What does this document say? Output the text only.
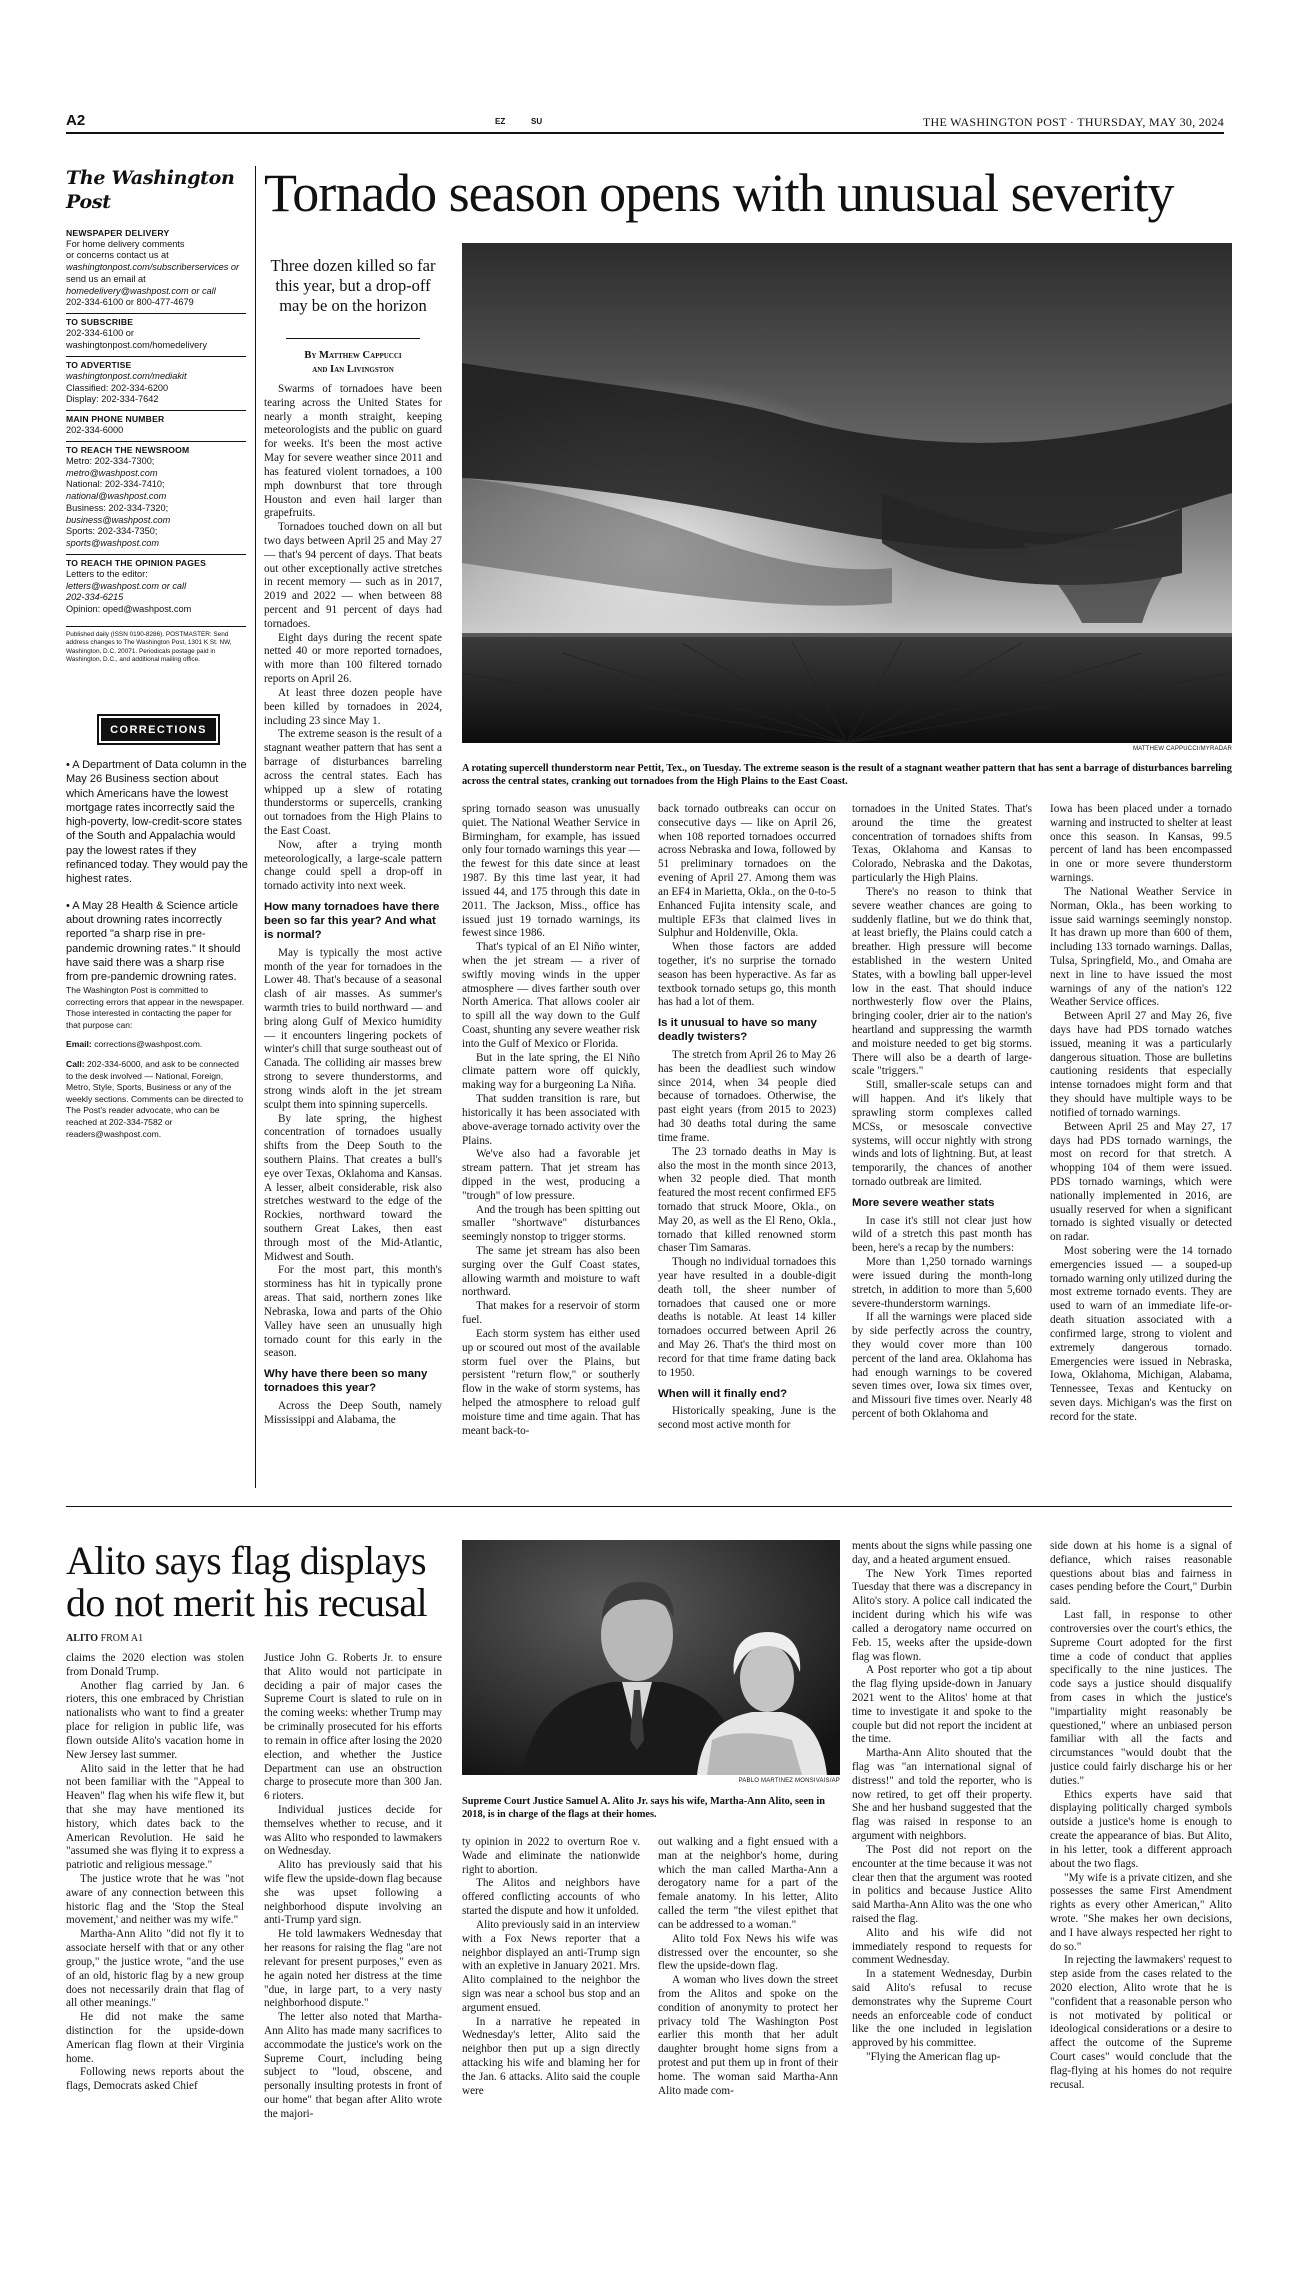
A2	EZ	SU	THE WASHINGTON POST · THURSDAY, MAY 30, 2024
The Washington Post
NEWSPAPER DELIVERY
For home delivery comments
or concerns contact us at
washingtonpost.com/subscriberservices or
send us an email at
homedelivery@washpost.com or call
202-334-6100 or 800-477-4679
TO SUBSCRIBE
202-334-6100 or
washingtonpost.com/homedelivery
TO ADVERTISE
washingtonpost.com/mediakit
Classified: 202-334-6200
Display: 202-334-7642
MAIN PHONE NUMBER
202-334-6000
TO REACH THE NEWSROOM
Metro: 202-334-7300;
metro@washpost.com
National: 202-334-7410;
national@washpost.com
Business: 202-334-7320;
business@washpost.com
Sports: 202-334-7350;
sports@washpost.com
TO REACH THE OPINION PAGES
Letters to the editor:
letters@washpost.com or call
202-334-6215
Opinion: oped@washpost.com
Published daily (ISSN 0190-8286). POSTMASTER: Send address changes to The Washington Post, 1301 K St. NW, Washington, D.C. 20071. Periodicals postage paid in Washington, D.C., and additional mailing office.
CORRECTIONS

• A Department of Data column in the May 26 Business section about which Americans have the lowest mortgage rates incorrectly said the high-poverty, low-credit-score states of the South and Appalachia would pay the lowest rates if they refinanced today. They would pay the highest rates.

• A May 28 Health & Science article about drowning rates incorrectly reported "a sharp rise in pre-pandemic drowning rates." It should have said there was a sharp rise from pre-pandemic drowning rates.

The Washington Post is committed to correcting errors that appear in the newspaper. Those interested in contacting the paper for that purpose can:

Email: corrections@washpost.com.

Call: 202-334-6000, and ask to be connected to the desk involved — National, Foreign, Metro, Style, Sports, Business or any of the weekly sections. Comments can be directed to The Post's reader advocate, who can be reached at 202-334-7582 or readers@washpost.com.

Tornado season opens with unusual severity
Three dozen killed so far this year, but a drop-off may be on the horizon
By Matthew Cappucci
and Ian Livingston
MATTHEW CAPPUCCI/MYRADAR
A rotating supercell thunderstorm near Pettit, Tex., on Tuesday. The extreme season is the result of a stagnant weather pattern that has sent a barrage of disturbances barreling across the central states, cranking out tornadoes from the High Plains to the East Coast.

Swarms of tornadoes have been tearing across the United States for nearly a month straight, keeping meteorologists and the public on guard for weeks. It's been the most active May for severe weather since 2011 and has featured violent tornadoes, a 100 mph downburst that tore through Houston and even hail larger than grapefruits.

Tornadoes touched down on all but two days between April 25 and May 27 — that's 94 percent of days. That beats out other exceptionally active stretches in recent memory — such as in 2017, 2019 and 2022 — when between 88 percent and 91 percent of days had tornadoes.

Eight days during the recent spate netted 40 or more reported tornadoes, with more than 100 filtered tornado reports on April 26.

At least three dozen people have been killed by tornadoes in 2024, including 23 since May 1.

The extreme season is the result of a stagnant weather pattern that has sent a barrage of disturbances barreling across the central states. Each has whipped up a slew of rotating thunderstorms or supercells, cranking out tornadoes from the High Plains to the East Coast.

Now, after a trying month meteorologically, a large-scale pattern change could spell a drop-off in tornado activity into next week.

How many tornadoes have there been so far this year? And what is normal?

May is typically the most active month of the year for tornadoes in the Lower 48. That's because of a seasonal clash of air masses. As summer's warmth tries to build northward — and bring along Gulf of Mexico humidity — it encounters lingering pockets of winter's chill that surge southeast out of Canada. The colliding air masses brew strong to severe thunderstorms, and strong winds aloft in the jet stream sculpt them into spinning supercells.

By late spring, the highest concentration of tornadoes usually shifts from the Deep South to the southern Plains. That creates a bull's eye over Texas, Oklahoma and Kansas. A lesser, albeit considerable, risk also stretches westward to the edge of the Rockies, northward toward the southern Great Lakes, then east through most of the Mid-Atlantic, Midwest and South.

For the most part, this month's storminess has hit in typically prone areas. That said, northern zones like Nebraska, Iowa and parts of the Ohio Valley have seen an unusually high tornado count for this early in the season.

Why have there been so many tornadoes this year?

Across the Deep South, namely Mississippi and Alabama, the

spring tornado season was unusually quiet. The National Weather Service in Birmingham, for example, has issued only four tornado warnings this year — the fewest for this date since at least 1987. By this time last year, it had issued 44, and 175 through this date in 2011. The Jackson, Miss., office has issued just 19 tornado warnings, its fewest since 1986.

That's typical of an El Niño winter, when the jet stream — a river of swiftly moving winds in the upper atmosphere — dives farther south over North America. That allows cooler air to spill all the way down to the Gulf Coast, shunting any severe weather risk into the Gulf of Mexico or Florida.

But in the late spring, the El Niño climate pattern wore off quickly, making way for a burgeoning La Niña.

That sudden transition is rare, but historically it has been associated with above-average tornado activity over the Plains.

We've also had a favorable jet stream pattern. That jet stream has dipped in the west, producing a "trough" of low pressure.

And the trough has been spitting out smaller "shortwave" disturbances seemingly nonstop to trigger storms.

The same jet stream has also been surging over the Gulf Coast states, allowing warmth and moisture to waft northward.

That makes for a reservoir of storm fuel.

Each storm system has either used up or scoured out most of the available storm fuel over the Plains, but persistent "return flow," or southerly flow in the wake of storm systems, has helped the atmosphere to reload gulf moisture time and time again. That has meant back-to-

back tornado outbreaks can occur on consecutive days — like on April 26, when 108 reported tornadoes occurred across Nebraska and Iowa, followed by 51 preliminary tornadoes on the evening of April 27. Among them was an EF4 in Marietta, Okla., on the 0-to-5 Enhanced Fujita intensity scale, and multiple EF3s that claimed lives in Sulphur and Holdenville, Okla.

When those factors are added together, it's no surprise the tornado season has been hyperactive. As far as textbook tornado setups go, this month has had a lot of them.

Is it unusual to have so many deadly twisters?

The stretch from April 26 to May 26 has been the deadliest such window since 2014, when 34 people died because of tornadoes. Otherwise, the past eight years (from 2015 to 2023) had 30 deaths total during the same time frame.

The 23 tornado deaths in May is also the most in the month since 2013, when 32 people died. That month featured the most recent confirmed EF5 tornado that struck Moore, Okla., on May 20, as well as the El Reno, Okla., tornado that killed renowned storm chaser Tim Samaras.

Though no individual tornadoes this year have resulted in a double-digit death toll, the sheer number of tornadoes that caused one or more deaths is notable. At least 14 killer tornadoes occurred between April 26 and May 26. That's the third most on record for that time frame dating back to 1950.

When will it finally end?

Historically speaking, June is the second most active month for

tornadoes in the United States. That's around the time the greatest concentration of tornadoes shifts from Texas, Oklahoma and Kansas to Colorado, Nebraska and the Dakotas, particularly the High Plains.

There's no reason to think that severe weather chances are going to suddenly flatline, but we do think that, at least briefly, the Plains could catch a breather. High pressure will become established in the western United States, with a bowling ball upper-level low in the east. That should induce northwesterly flow over the Plains, bringing cooler, drier air to the nation's heartland and suppressing the warmth and moisture needed to get big storms. There will also be a dearth of large-scale "triggers."

Still, smaller-scale setups can and will happen. And it's likely that sprawling storm complexes called MCSs, or mesoscale convective systems, will occur nightly with strong winds and lots of lightning. But, at least temporarily, the chances of another tornado outbreak are limited.

More severe weather stats

In case it's still not clear just how wild of a stretch this past month has been, here's a recap by the numbers:

More than 1,250 tornado warnings were issued during the month-long stretch, in addition to more than 5,600 severe-thunderstorm warnings.

If all the warnings were placed side by side perfectly across the country, they would cover more than 100 percent of the land area. Oklahoma has had enough warnings to be covered seven times over, Iowa six times over, and Missouri five times over. Nearly 48 percent of both Oklahoma and

Iowa has been placed under a tornado warning and instructed to shelter at least once this season. In Kansas, 99.5 percent of land has been encompassed in one or more severe thunderstorm warnings.

The National Weather Service in Norman, Okla., has been working to issue said warnings seemingly nonstop. It has drawn up more than 600 of them, including 133 tornado warnings. Dallas, Tulsa, Springfield, Mo., and Omaha are next in line to have issued the most warnings of any of the nation's 122 Weather Service offices.

Between April 27 and May 26, five days have had PDS tornado watches issued, meaning it was a particularly dangerous situation. Those are bulletins cautioning residents that especially intense tornadoes might form and that they should have multiple ways to be notified of tornado warnings.

Between April 25 and May 27, 17 days had PDS tornado warnings, the most on record for that stretch. A whopping 104 of them were issued. PDS tornado warnings, which were nationally implemented in 2016, are usually reserved for when a significant tornado is sighted visually or detected on radar.

Most sobering were the 14 tornado emergencies issued — a souped-up tornado warning only utilized during the most extreme tornado events. They are used to warn of an immediate life-or-death situation associated with a confirmed large, strong to violent and extremely dangerous tornado. Emergencies were issued in Nebraska, Iowa, Oklahoma, Michigan, Alabama, Tennessee, Texas and Kentucky on seven days. Michigan's was the first on record for the state.

Alito says flag displays do not merit his recusal
ALITO FROM A1
PABLO MARTINEZ MONSIVAIS/AP
Supreme Court Justice Samuel A. Alito Jr. says his wife, Martha-Ann Alito, seen in 2018, is in charge of the flags at their homes.

claims the 2020 election was stolen from Donald Trump.

Another flag carried by Jan. 6 rioters, this one embraced by Christian nationalists who want to find a greater place for religion in public life, was flown outside Alito's vacation home in New Jersey last summer.

Alito said in the letter that he had not been familiar with the "Appeal to Heaven" flag when his wife flew it, but that she may have mentioned its history, which dates back to the American Revolution. He said he "assumed she was flying it to express a patriotic and religious message."

The justice wrote that he was "not aware of any connection between this historic flag and the 'Stop the Steal movement,' and neither was my wife."

Martha-Ann Alito "did not fly it to associate herself with that or any other group," the justice wrote, "and the use of an old, historic flag by a new group does not necessarily drain that flag of all other meanings."

He did not make the same distinction for the upside-down American flag flown at their Virginia home.

Following news reports about the flags, Democrats asked Chief

Justice John G. Roberts Jr. to ensure that Alito would not participate in deciding a pair of major cases the Supreme Court is slated to rule on in the coming weeks: whether Trump may be criminally prosecuted for his efforts to remain in office after losing the 2020 election, and whether the Justice Department can use an obstruction charge to prosecute more than 300 Jan. 6 rioters.

Individual justices decide for themselves whether to recuse, and it was Alito who responded to lawmakers on Wednesday.

Alito has previously said that his wife flew the upside-down flag because she was upset following a neighborhood dispute involving an anti-Trump yard sign.

He told lawmakers Wednesday that her reasons for raising the flag "are not relevant for present purposes," even as he again noted her distress at the time "due, in large part, to a very nasty neighborhood dispute."

The letter also noted that Martha-Ann Alito has made many sacrifices to accommodate the justice's work on the Supreme Court, including being subject to "loud, obscene, and personally insulting protests in front of our home" that began after Alito wrote the majori-

ty opinion in 2022 to overturn Roe v. Wade and eliminate the nationwide right to abortion.

The Alitos and neighbors have offered conflicting accounts of who started the dispute and how it unfolded.

Alito previously said in an interview with a Fox News reporter that a neighbor displayed an anti-Trump sign with an expletive in January 2021. Mrs. Alito complained to the neighbor the sign was near a school bus stop and an argument ensued.

In a narrative he repeated in Wednesday's letter, Alito said the neighbor then put up a sign directly attacking his wife and blaming her for the Jan. 6 attacks. Alito said the couple were

out walking and a fight ensued with a man at the neighbor's home, during which the man called Martha-Ann a derogatory name for a part of the female anatomy. In his letter, Alito called the term "the vilest epithet that can be addressed to a woman."

Alito told Fox News his wife was distressed over the encounter, so she flew the upside-down flag.

A woman who lives down the street from the Alitos and spoke on the condition of anonymity to protect her privacy told The Washington Post earlier this month that her adult daughter brought home signs from a protest and put them up in front of their home. The woman said Martha-Ann Alito made com-

ments about the signs while passing one day, and a heated argument ensued.

The New York Times reported Tuesday that there was a discrepancy in Alito's story. A police call indicated the incident during which his wife was called a derogatory name occurred on Feb. 15, weeks after the upside-down flag was flown.

A Post reporter who got a tip about the flag flying upside-down in January 2021 went to the Alitos' home at that time to investigate it and spoke to the couple but did not report the incident at the time.

Martha-Ann Alito shouted that the flag was "an international signal of distress!" and told the reporter, who is now retired, to get off their property. She and her husband suggested that the flag was raised in response to an argument with neighbors.

The Post did not report on the encounter at the time because it was not clear then that the argument was rooted in politics and because Justice Alito said Martha-Ann Alito was the one who raised the flag.

Alito and his wife did not immediately respond to requests for comment Wednesday.

In a statement Wednesday, Durbin said Alito's refusal to recuse demonstrates why the Supreme Court needs an enforceable code of conduct like the one included in legislation approved by his committee.

"Flying the American flag up-

side down at his home is a signal of defiance, which raises reasonable questions about bias and fairness in cases pending before the Court," Durbin said.

Last fall, in response to other controversies over the court's ethics, the Supreme Court adopted for the first time a code of conduct that applies specifically to the nine justices. The code says a justice should disqualify from cases in which the justice's "impartiality might reasonably be questioned," where an unbiased person familiar with all the facts and circumstances "would doubt that the justice could fairly discharge his or her duties."

Ethics experts have said that displaying politically charged symbols outside a justice's home is enough to create the appearance of bias. But Alito, in his letter, took a different approach about the two flags.

"My wife is a private citizen, and she possesses the same First Amendment rights as every other American," Alito wrote. "She makes her own decisions, and I have always respected her right to do so."

In rejecting the lawmakers' request to step aside from the cases related to the 2020 election, Alito wrote that he is "confident that a reasonable person who is not motivated by political or ideological considerations or a desire to affect the outcome of the Supreme Court cases" would conclude that the flag-flying at his homes do not require recusal.
